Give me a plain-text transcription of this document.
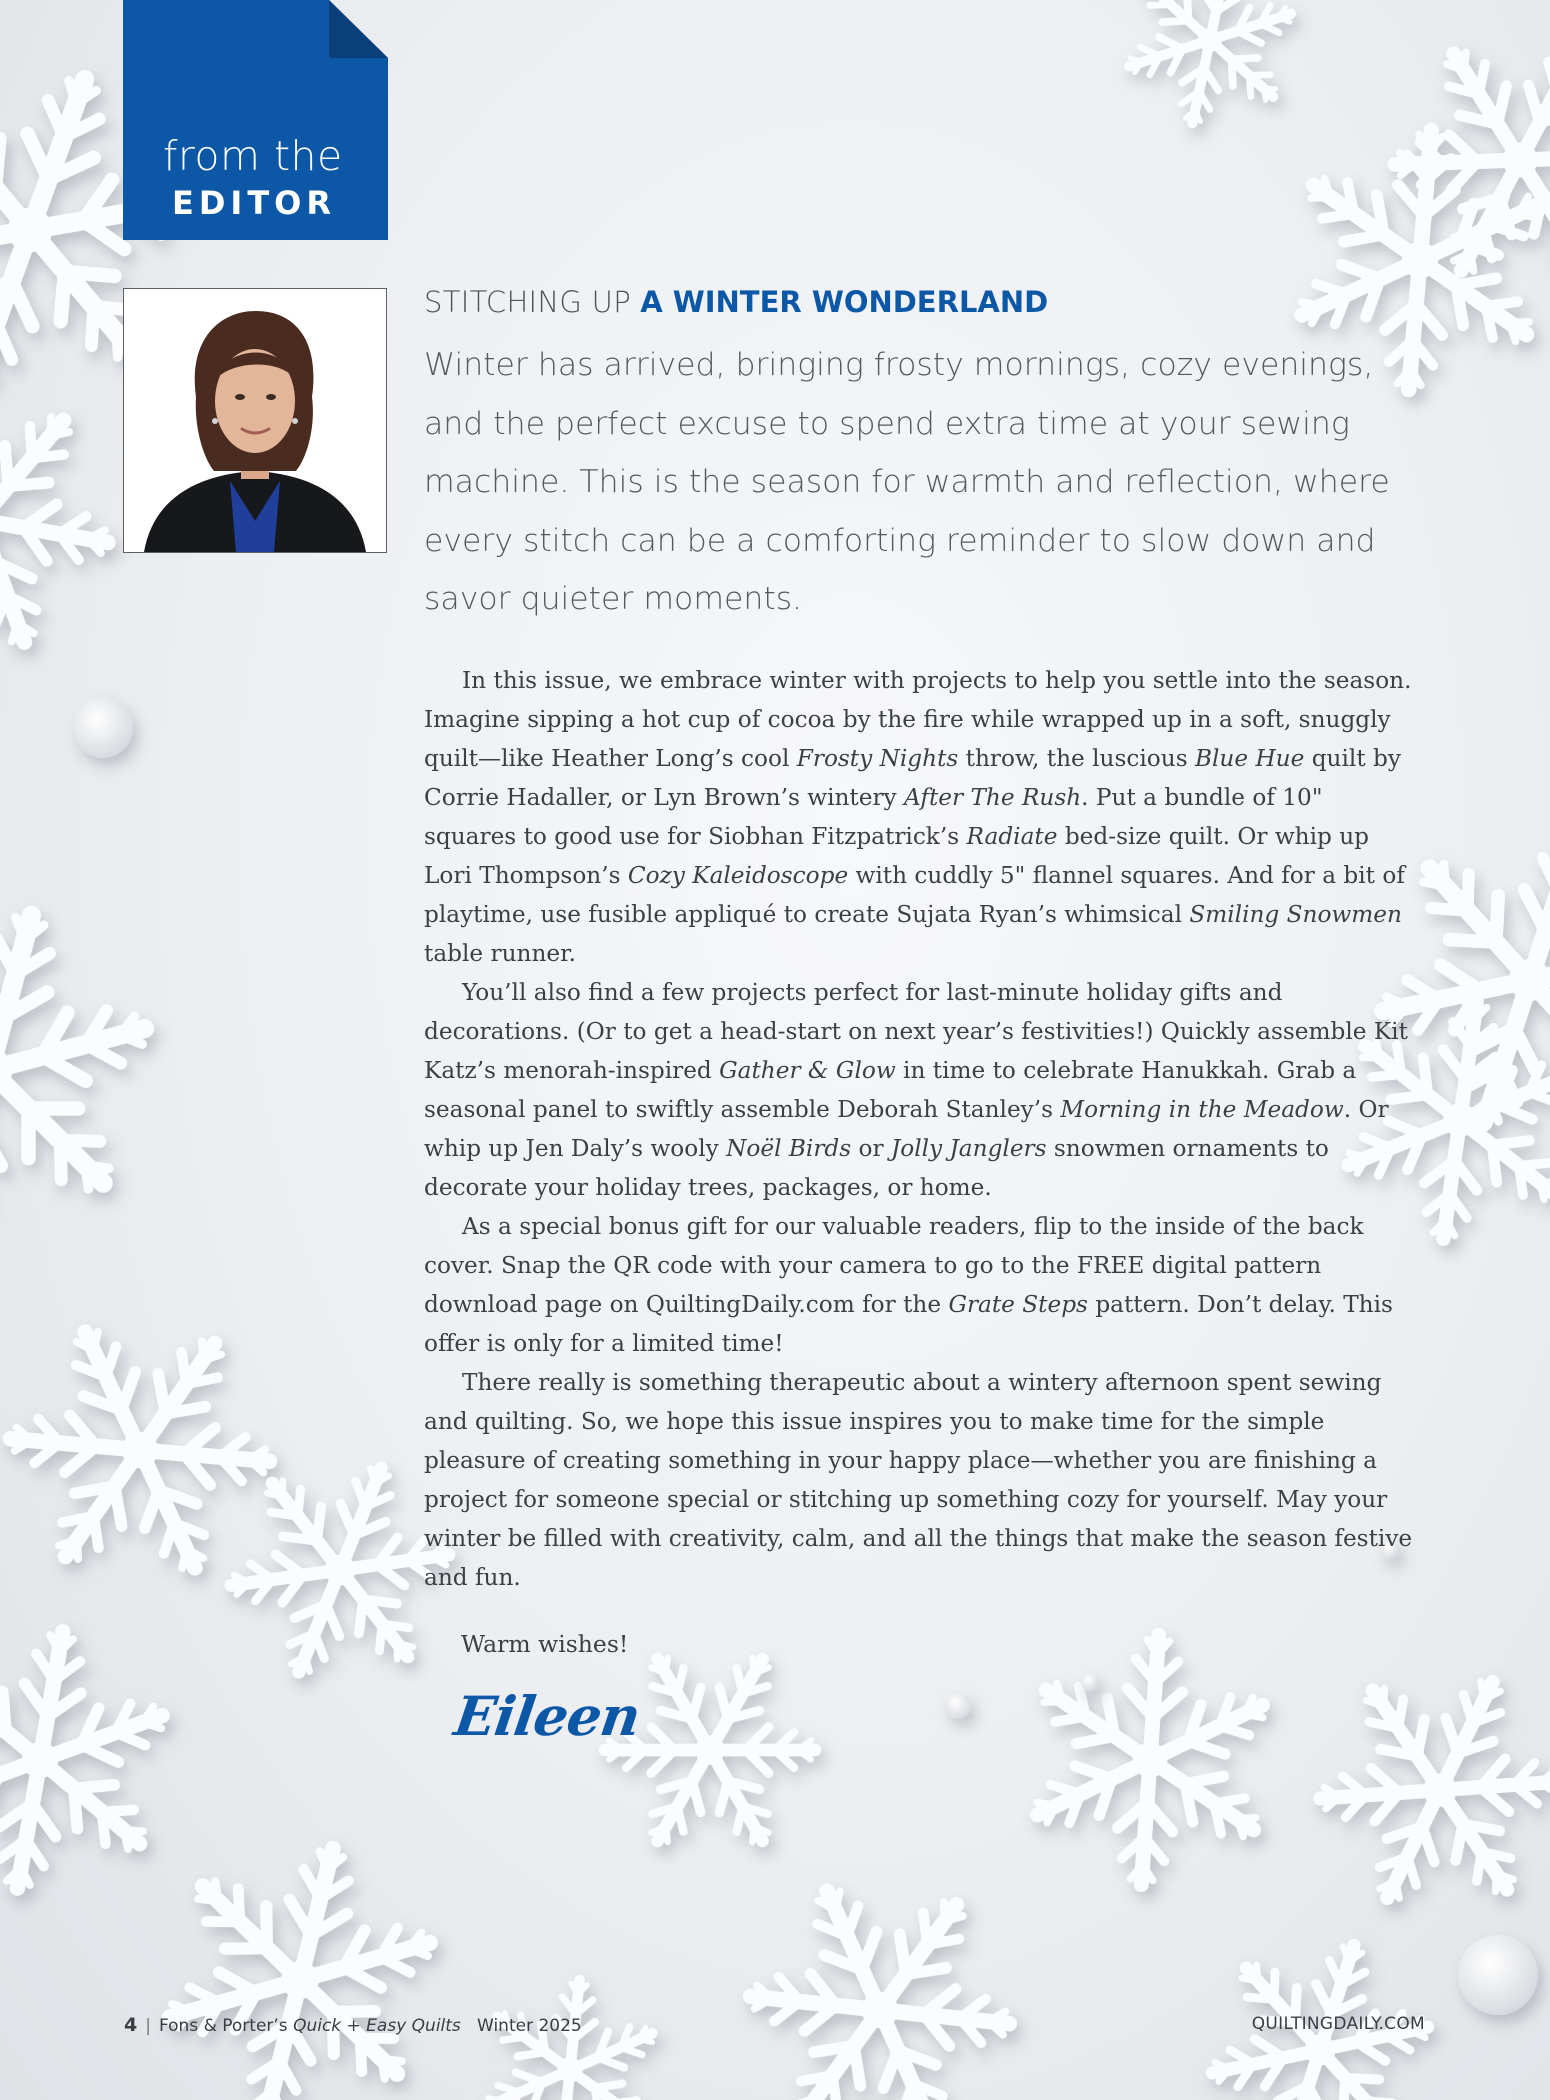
from the
EDITOR
STITCHING UP A WINTER WONDERLAND

Winter has arrived, bringing frosty mornings, cozy evenings, and the perfect excuse to spend extra time at your sewing machine. This is the season for warmth and reflection, where every stitch can be a comforting reminder to slow down and savor quieter moments.

In this issue, we embrace winter with projects to help you settle into the season. Imagine sipping a hot cup of cocoa by the fire while wrapped up in a soft, snuggly quilt—like Heather Long’s cool Frosty Nights throw, the luscious Blue Hue quilt by Corrie Hadaller, or Lyn Brown’s wintery After The Rush. Put a bundle of 10" squares to good use for Siobhan Fitzpatrick’s Radiate bed-size quilt. Or whip up Lori Thompson’s Cozy Kaleidoscope with cuddly 5" flannel squares. And for a bit of playtime, use fusible appliqué to create Sujata Ryan’s whimsical Smiling Snowmen table runner.

You’ll also find a few projects perfect for last-minute holiday gifts and decorations. (Or to get a head-start on next year’s festivities!) Quickly assemble Kit Katz’s menorah-inspired Gather & Glow in time to celebrate Hanukkah. Grab a seasonal panel to swiftly assemble Deborah Stanley’s Morning in the Meadow. Or whip up Jen Daly’s wooly Noël Birds or Jolly Janglers snowmen ornaments to decorate your holiday trees, packages, or home.

As a special bonus gift for our valuable readers, flip to the inside of the back cover. Snap the QR code with your camera to go to the FREE digital pattern download page on QuiltingDaily.com for the Grate Steps pattern. Don’t delay. This offer is only for a limited time!

There really is something therapeutic about a wintery afternoon spent sewing and quilting. So, we hope this issue inspires you to make time for the simple pleasure of creating something in your happy place—whether you are finishing a project for someone special or stitching up something cozy for yourself. May your winter be filled with creativity, calm, and all the things that make the season festive and fun.

Warm wishes!
Eileen
4 | Fons & Porter’s Quick + Easy Quilts Winter 2025	QUILTINGDAILY.COM
